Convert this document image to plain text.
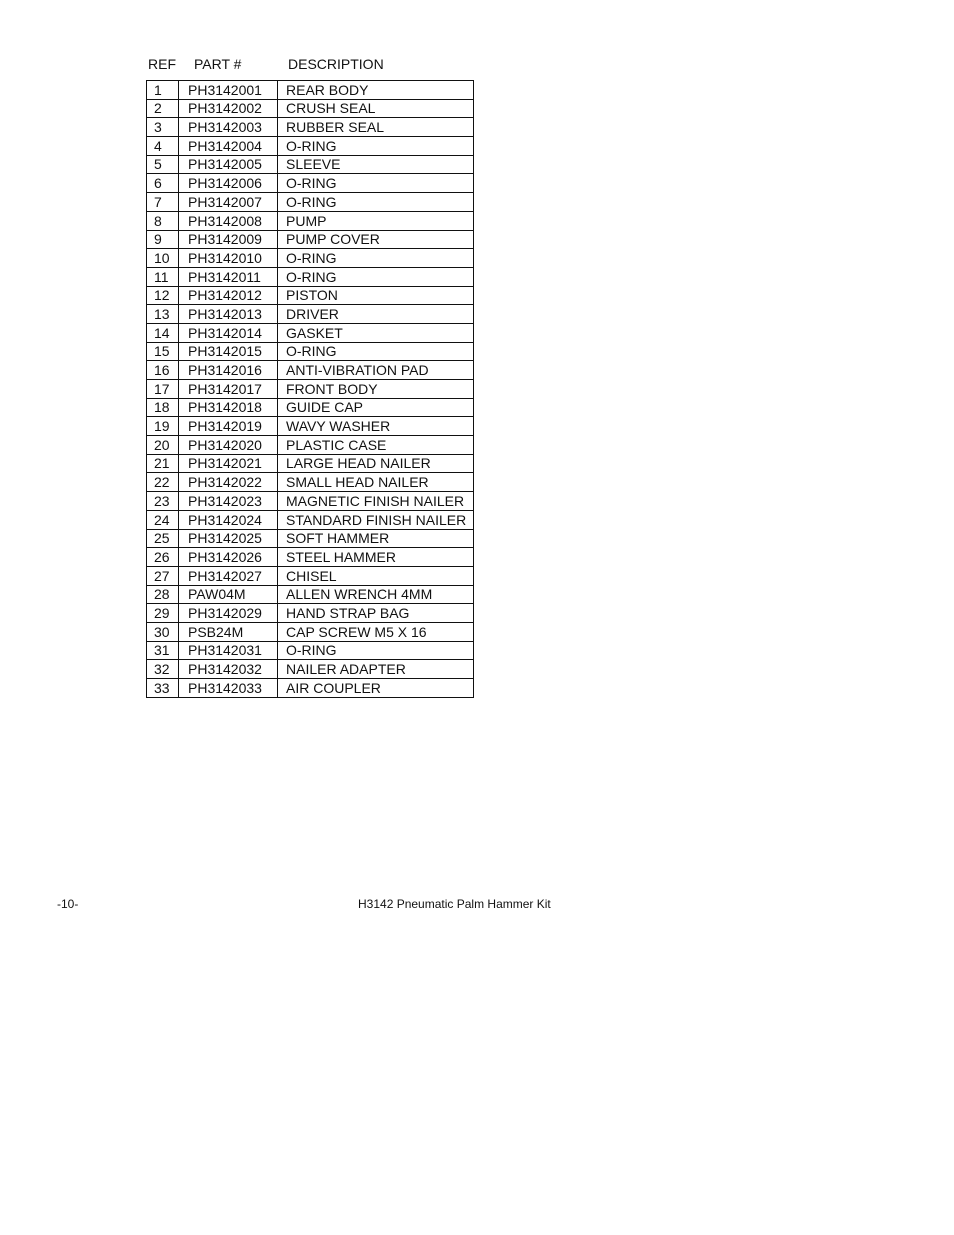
REF PART #	DESCRIPTION
1	PH3142001	REAR BODY
2	PH3142002	CRUSH SEAL
3	PH3142003	RUBBER SEAL
4	PH3142004	O-RING
5	PH3142005	SLEEVE
6	PH3142006	O-RING
7	PH3142007	O-RING
8	PH3142008	PUMP
9	PH3142009	PUMP COVER
10	PH3142010	O-RING
11	PH3142011	O-RING
12	PH3142012	PISTON
13	PH3142013	DRIVER
14	PH3142014	GASKET
15	PH3142015	O-RING
16	PH3142016	ANTI-VIBRATION PAD
17	PH3142017	FRONT BODY
18	PH3142018	GUIDE CAP
19	PH3142019	WAVY WASHER
20	PH3142020	PLASTIC CASE
21	PH3142021	LARGE HEAD NAILER
22	PH3142022	SMALL HEAD NAILER
23	PH3142023	MAGNETIC FINISH NAILER
24	PH3142024	STANDARD FINISH NAILER
25	PH3142025	SOFT HAMMER
26	PH3142026	STEEL HAMMER
27	PH3142027	CHISEL
28	PAW04M	ALLEN WRENCH 4MM
29	PH3142029	HAND STRAP BAG
30	PSB24M	CAP SCREW M5 X 16
31	PH3142031	O-RING
32	PH3142032	NAILER ADAPTER
33	PH3142033	AIR COUPLER
-10-	H3142 Pneumatic Palm Hammer Kit
